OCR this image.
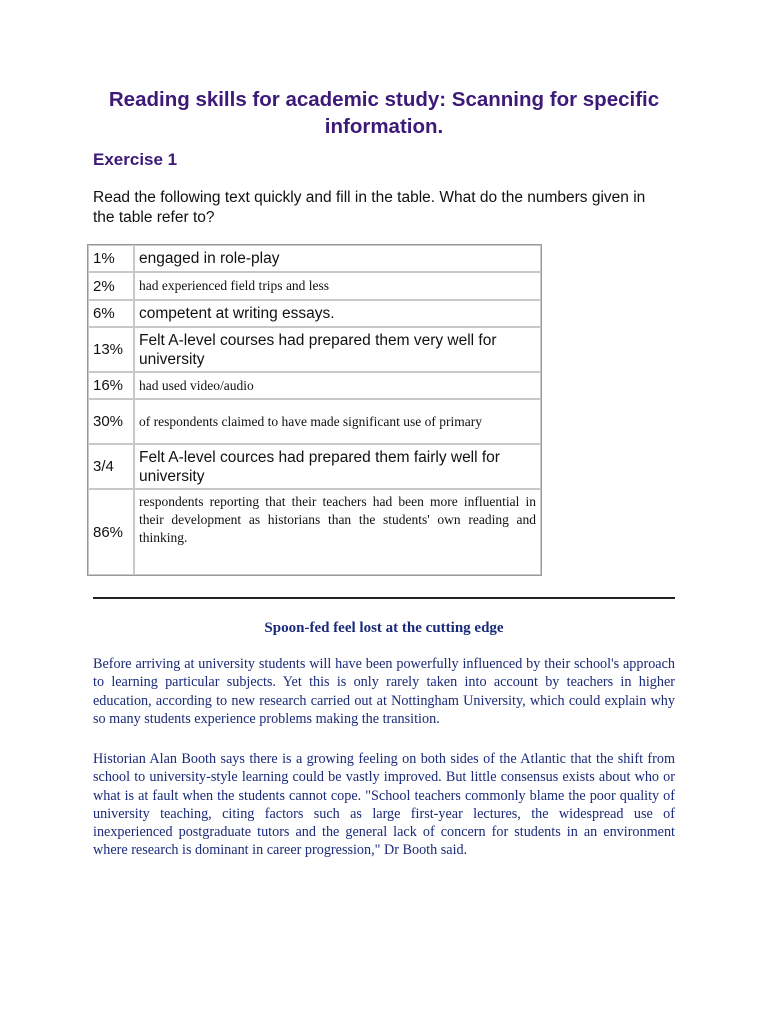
Reading skills for academic study: Scanning for specific information.
Exercise 1

Read the following text quickly and fill in the table. What do the numbers given in the table refer to?

1%	engaged in role-play
2%	had experienced field trips and less
6%	competent at writing essays.
13%	Felt A-level courses had prepared them very well for university
16%	had used video/audio
30%	of respondents claimed to have made significant use of primary
3/4	Felt A-level cources had prepared them fairly well for university
86%	respondents reporting that their teachers had been more influential in their development as historians than the students' own reading and thinking.
Spoon-fed feel lost at the cutting edge

Before arriving at university students will have been powerfully influenced by their school's approach to learning particular subjects. Yet this is only rarely taken into account by teachers in higher education, according to new research carried out at Nottingham University, which could explain why so many students experience problems making the transition.

Historian Alan Booth says there is a growing feeling on both sides of the Atlantic that the shift from school to university-style learning could be vastly improved. But little consensus exists about who or what is at fault when the students cannot cope. "School teachers commonly blame the poor quality of university teaching, citing factors such as large first-year lectures, the widespread use of inexperienced postgraduate tutors and the general lack of concern for students in an environment where research is dominant in career progression," Dr Booth said.
